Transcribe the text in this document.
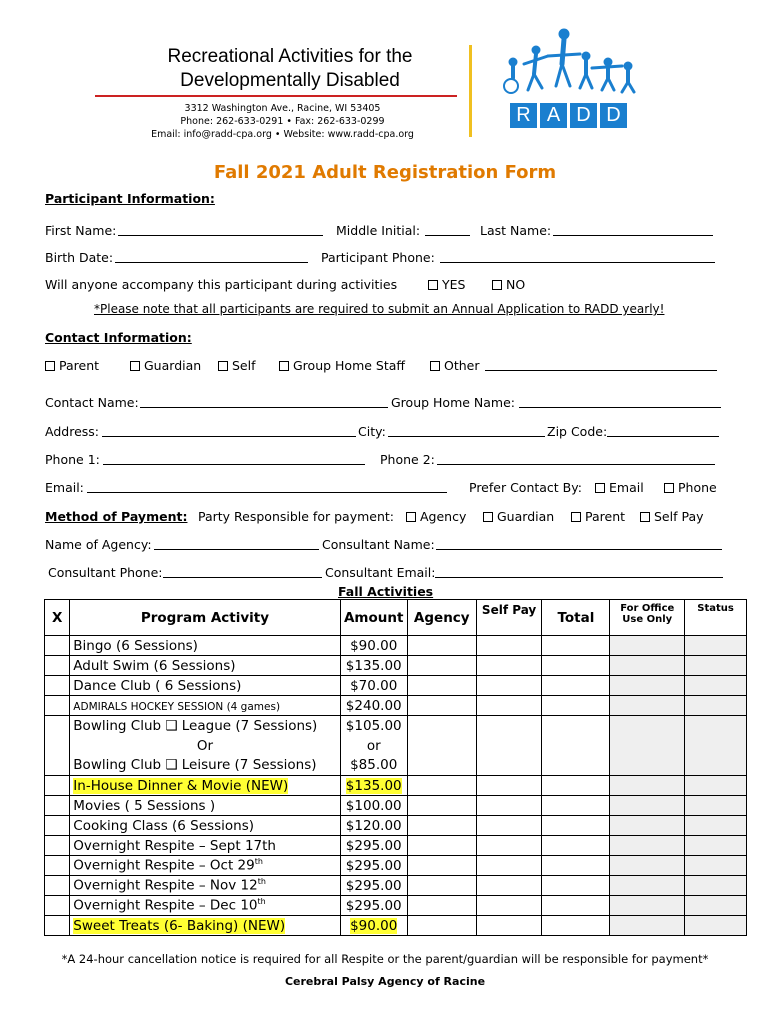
Recreational Activities for the
Developmentally Disabled
3312 Washington Ave., Racine, WI 53405
Phone: 262-633-0291 • Fax: 262-633-0299
Email: info@radd-cpa.org • Website: www.radd-cpa.org
R A D D
Fall 2021 Adult Registration Form
Participant Information:
First Name:	Middle Initial:	Last Name:
Birth Date:	Participant Phone:
Will anyone accompany this participant during activities	YES	NO
*Please note that all participants are required to submit an Annual Application to RADD yearly!
Contact Information:
Parent	Guardian	Self	Group Home Staff	Other
Contact Name:	Group Home Name:
Address:	City:	Zip Code:
Phone 1:	Phone 2:
Email:	Prefer Contact By:	Email	Phone
Method of Payment: Party Responsible for payment:	Agency	Guardian	Parent	Self Pay
Name of Agency:	Consultant Name:
Consultant Phone:	Consultant Email:
Fall Activities
X	Program Activity	Amount	Agency	Self Pay	Total	For Office Use Only	Status
	Bingo (6 Sessions)	$90.00					
	Adult Swim (6 Sessions)	$135.00					
	Dance Club ( 6 Sessions)	$70.00					
	ADMIRALS HOCKEY SESSION (4 games)	$240.00					
	Bowling Club ❑ League (7 Sessions)	$105.00					
	Or	or					
	Bowling Club ❑ Leisure (7 Sessions)	$85.00					
	In-House Dinner & Movie (NEW)	$135.00					
	Movies ( 5 Sessions )	$100.00					
	Cooking Class (6 Sessions)	$120.00					
	Overnight Respite – Sept 17th	$295.00					
	Overnight Respite – Oct 29th	$295.00					
	Overnight Respite – Nov 12th	$295.00					
	Overnight Respite – Dec 10th	$295.00					
	Sweet Treats (6- Baking) (NEW)	$90.00					
*A 24-hour cancellation notice is required for all Respite or the parent/guardian will be responsible for payment*
Cerebral Palsy Agency of Racine
